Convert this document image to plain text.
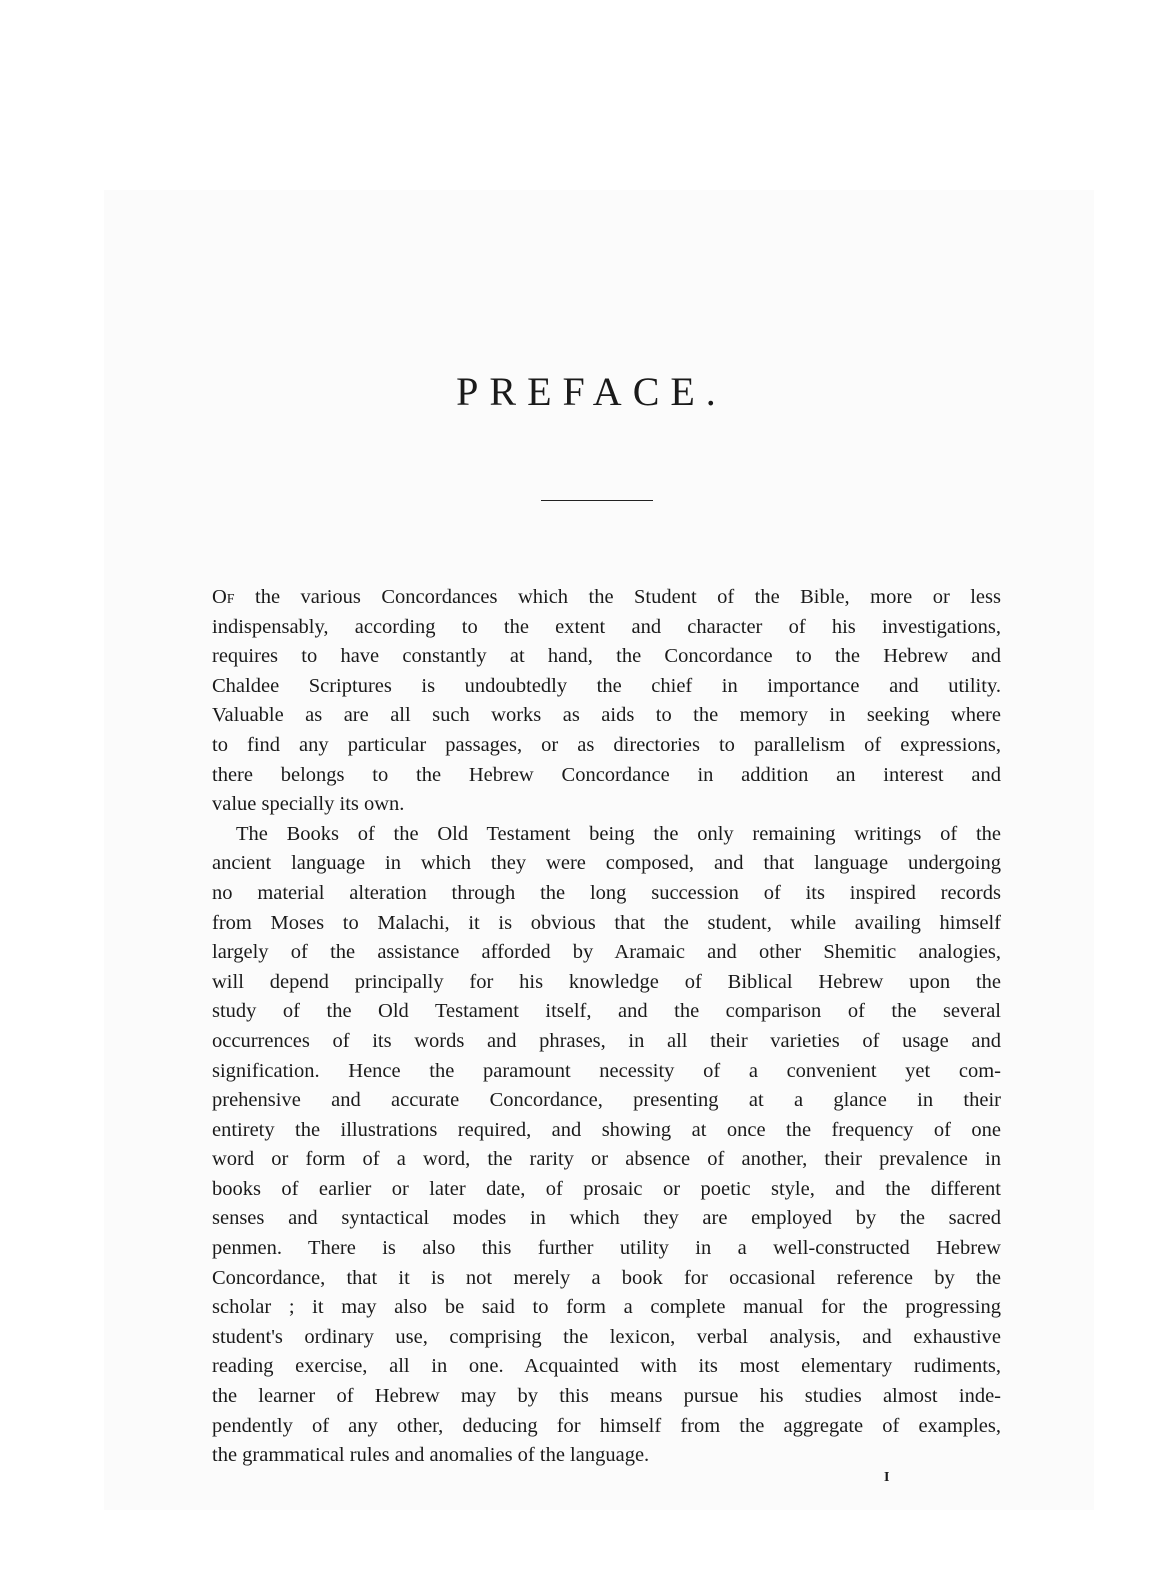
PREFACE.
Of the various Concordances which the Student of the Bible, more or less
indispensably, according to the extent and character of his investigations,
requires to have constantly at hand, the Concordance to the Hebrew and
Chaldee Scriptures is undoubtedly the chief in importance and utility.
Valuable as are all such works as aids to the memory in seeking where
to find any particular passages, or as directories to parallelism of expressions,
there belongs to the Hebrew Concordance in addition an interest and
value specially its own.
The Books of the Old Testament being the only remaining writings of the
ancient language in which they were composed, and that language undergoing
no material alteration through the long succession of its inspired records
from Moses to Malachi, it is obvious that the student, while availing himself
largely of the assistance afforded by Aramaic and other Shemitic analogies,
will depend principally for his knowledge of Biblical Hebrew upon the
study of the Old Testament itself, and the comparison of the several
occurrences of its words and phrases, in all their varieties of usage and
signification. Hence the paramount necessity of a convenient yet com-
prehensive and accurate Concordance, presenting at a glance in their
entirety the illustrations required, and showing at once the frequency of one
word or form of a word, the rarity or absence of another, their prevalence in
books of earlier or later date, of prosaic or poetic style, and the different
senses and syntactical modes in which they are employed by the sacred
penmen. There is also this further utility in a well-constructed Hebrew
Concordance, that it is not merely a book for occasional reference by the
scholar ; it may also be said to form a complete manual for the progressing
student's ordinary use, comprising the lexicon, verbal analysis, and exhaustive
reading exercise, all in one. Acquainted with its most elementary rudiments,
the learner of Hebrew may by this means pursue his studies almost inde-
pendently of any other, deducing for himself from the aggregate of examples,
the grammatical rules and anomalies of the language.
I
